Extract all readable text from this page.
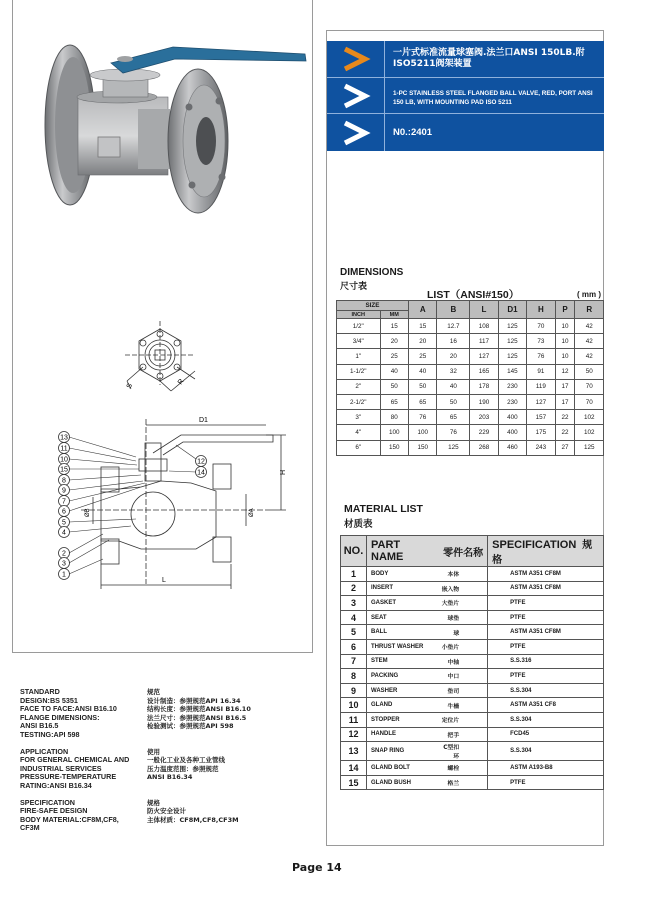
S
R
D1
H
L
ØA
ØB
13
11
10
15
8
9
7
6
5
4
2
3
1
12
14
STANDARD
DESIGN:BS 5351
FACE TO FACE:ANSI B16.10
FLANGE DIMENSIONS:
ANSI B16.5
TESTING:API 598
APPLICATION
FOR GENERAL CHEMICAL AND
INDUSTRIAL SERVICES
PRESSURE-TEMPERATURE
RATING:ANSI B16.34
SPECIFICATION
FIRE-SAFE DESIGN
BODY MATERIAL:CF8M,CF8,
CF3M
规范
设计制造：参照规范API 16.34
结构长度：参照规范ANSI B16.10
法兰尺寸：参照规范ANSI B16.5
检验测试：参照规范API 598
使用
一般化工业及各种工业管线
压力温度范围：参照规范
ANSI B16.34
规格
防火安全设计
主体材质：CF8M,CF8,CF3M
一片式标准流量球塞阀.法兰口ANSI 150LB.附ISO5211阀架装置
1-PC STAINLESS STEEL FLANGED BALL VALVE, RED, PORT ANSI 150 LB, WITH MOUNTING PAD ISO 5211
N0.:2401
DIMENSIONS
尺寸表
LIST（ANSI#150）	( mm )
SIZE		A	B	L	D1	H	P	R
INCH	MM							
1/2"	15	15	12.7	108	125	70	10	42
3/4"	20	20	16	117	125	73	10	42
1"	25	25	20	127	125	76	10	42
1-1/2"	40	40	32	165	145	91	12	50
2"	50	50	40	178	230	119	17	70
2-1/2"	65	65	50	190	230	127	17	70
3"	80	76	65	203	400	157	22	102
4"	100	100	76	229	400	175	22	102
6"	150	150	125	268	460	243	27	125
MATERIAL LIST
材质表
NO.	PART NAME	零件名称	SPECIFICATION 规格
1	BODY	本体	ASTM A351 CF8M
2	INSERT	嵌入物	ASTM A351 CF8M
3	GASKET	大垫片	PTFE
4	SEAT	球垫	PTFE
5	BALL	球	ASTM A351 CF8M
6	THRUST WASHER	小垫片	PTFE
7	STEM	中轴	S.S.316
8	PACKING	中口	PTFE
9	WASHER	垫司	S.S.304
10	GLAND	牛樯	ASTM A351 CF8
11	STOPPER	定位片	S.S.304
12	HANDLE	把手	FCD45
13	SNAP RING	C型扣环	S.S.304
14	GLAND BOLT	螺栓	ASTM A193-B8
15	GLAND BUSH	格兰	PTFE
Page 14
